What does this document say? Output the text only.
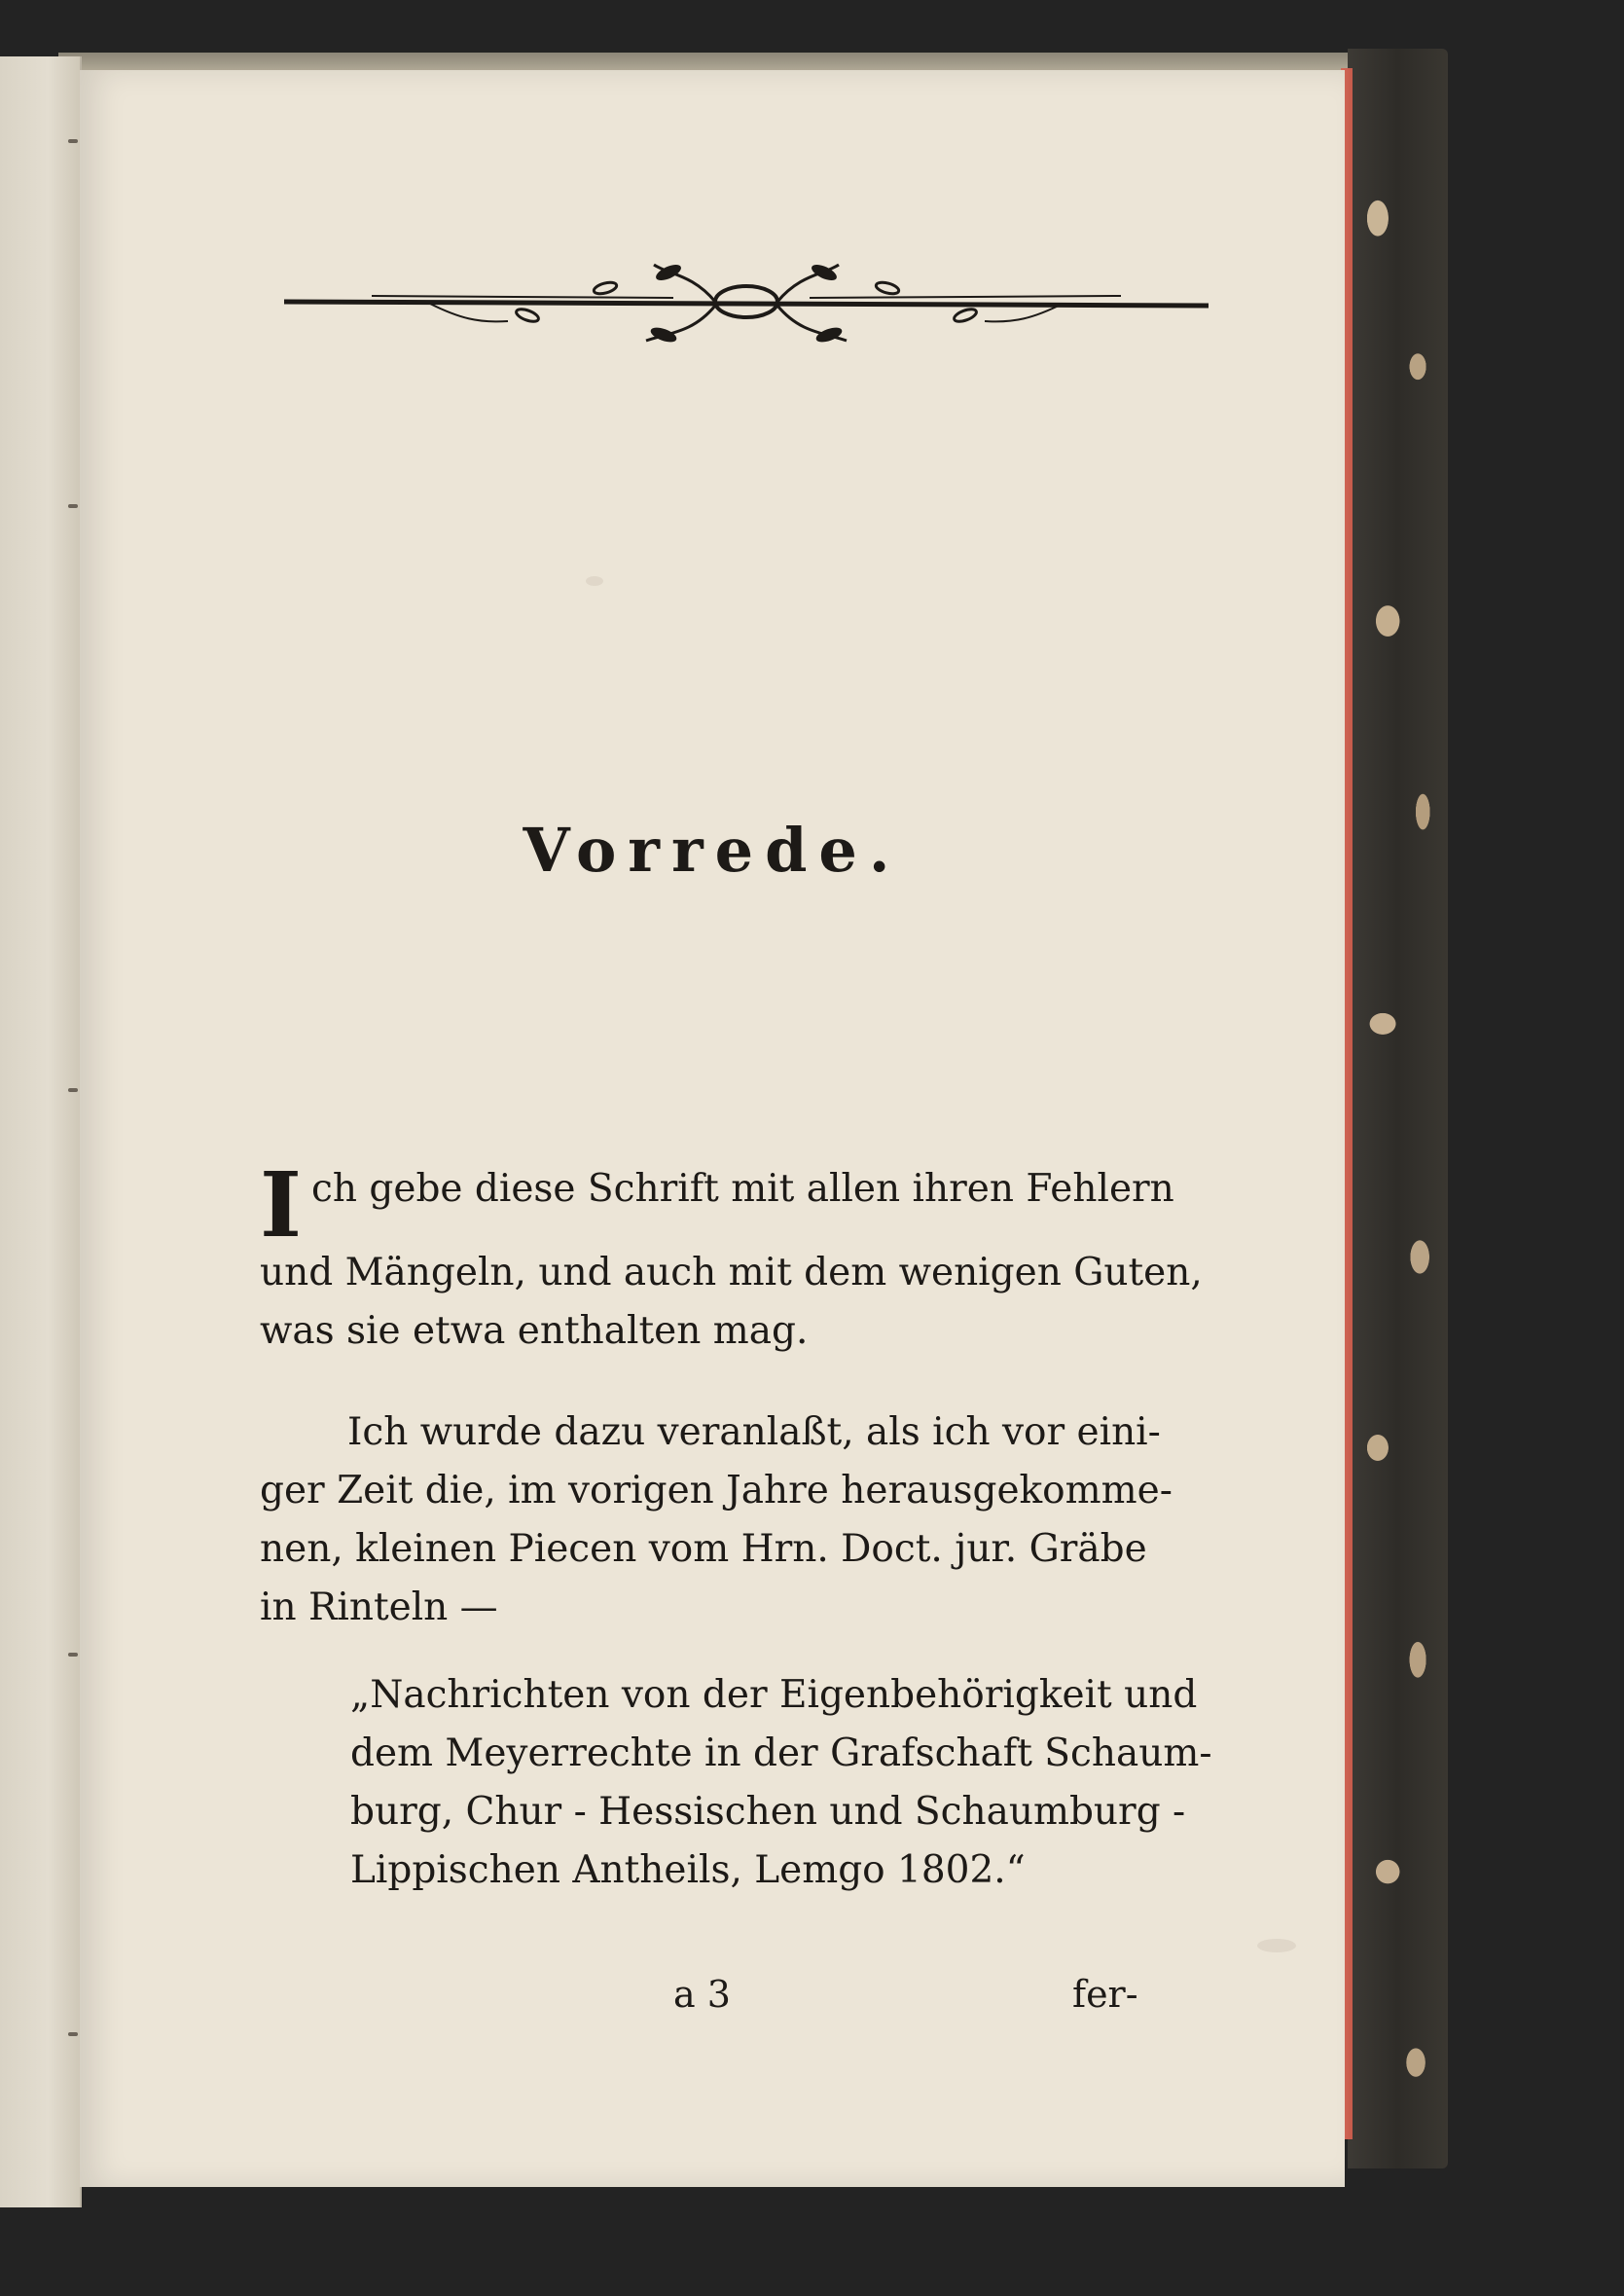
Vorrede.
I ch gebe diese Schrift mit allen ihren Fehlern
und Mängeln, und auch mit dem wenigen Guten,
was sie etwa enthalten mag.
Ich wurde dazu veranlaßt, als ich vor eini-
ger Zeit die, im vorigen Jahre herausgekomme-
nen, kleinen Piecen vom Hrn. Doct. jur. Gräbe
in Rinteln —
„Nachrichten von der Eigenbehörigkeit und
dem Meyerrechte in der Grafschaft Schaum-
burg, Chur - Hessischen und Schaumburg -
Lippischen Antheils, Lemgo 1802.“
a 3	fer-
